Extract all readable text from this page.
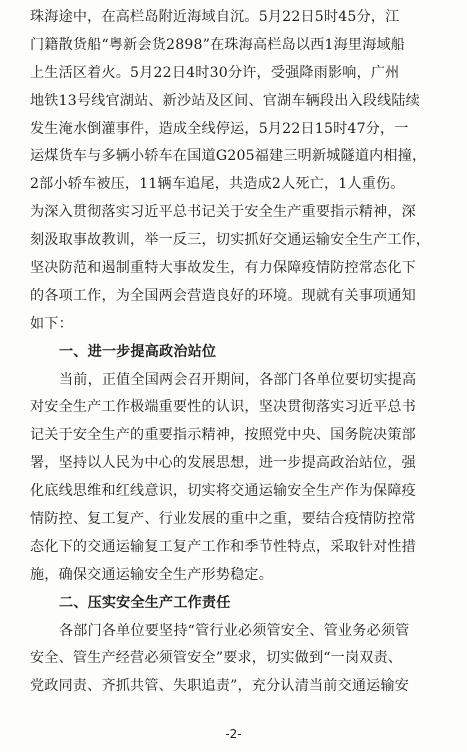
珠海途中，在高栏岛附近海域自沉。5月22日5时45分，江
门籍散货船“粤新会货2898”在珠海高栏岛以西1海里海域船
上生活区着火。5月22日4时30分许，受强降雨影响，广州
地铁13号线官湖站、新沙站及区间、官湖车辆段出入段线陆续
发生淹水倒灌事件，造成全线停运，5月22日15时47分，一
运煤货车与多辆小轿车在国道G205福建三明新城隧道内相撞，
2部小轿车被压，11辆车追尾，共造成2人死亡，1人重伤。
为深入贯彻落实习近平总书记关于安全生产重要指示精神，深
刻汲取事故教训，举一反三，切实抓好交通运输安全生产工作，
坚决防范和遏制重特大事故发生，有力保障疫情防控常态化下
的各项工作，为全国两会营造良好的环境。现就有关事项通知
如下：
一、进一步提高政治站位
当前，正值全国两会召开期间，各部门各单位要切实提高
对安全生产工作极端重要性的认识，坚决贯彻落实习近平总书
记关于安全生产的重要指示精神，按照党中央、国务院决策部
署，坚持以人民为中心的发展思想，进一步提高政治站位，强
化底线思维和红线意识，切实将交通运输安全生产作为保障疫
情防控、复工复产、行业发展的重中之重，要结合疫情防控常
态化下的交通运输复工复产工作和季节性特点，采取针对性措
施，确保交通运输安全生产形势稳定。
二、压实安全生产工作责任
各部门各单位要坚持“管行业必须管安全、管业务必须管
安全、管生产经营必须管安全”要求，切实做到“一岗双责、
党政同责、齐抓共管、失职追责”，充分认清当前交通运输安
-2-
